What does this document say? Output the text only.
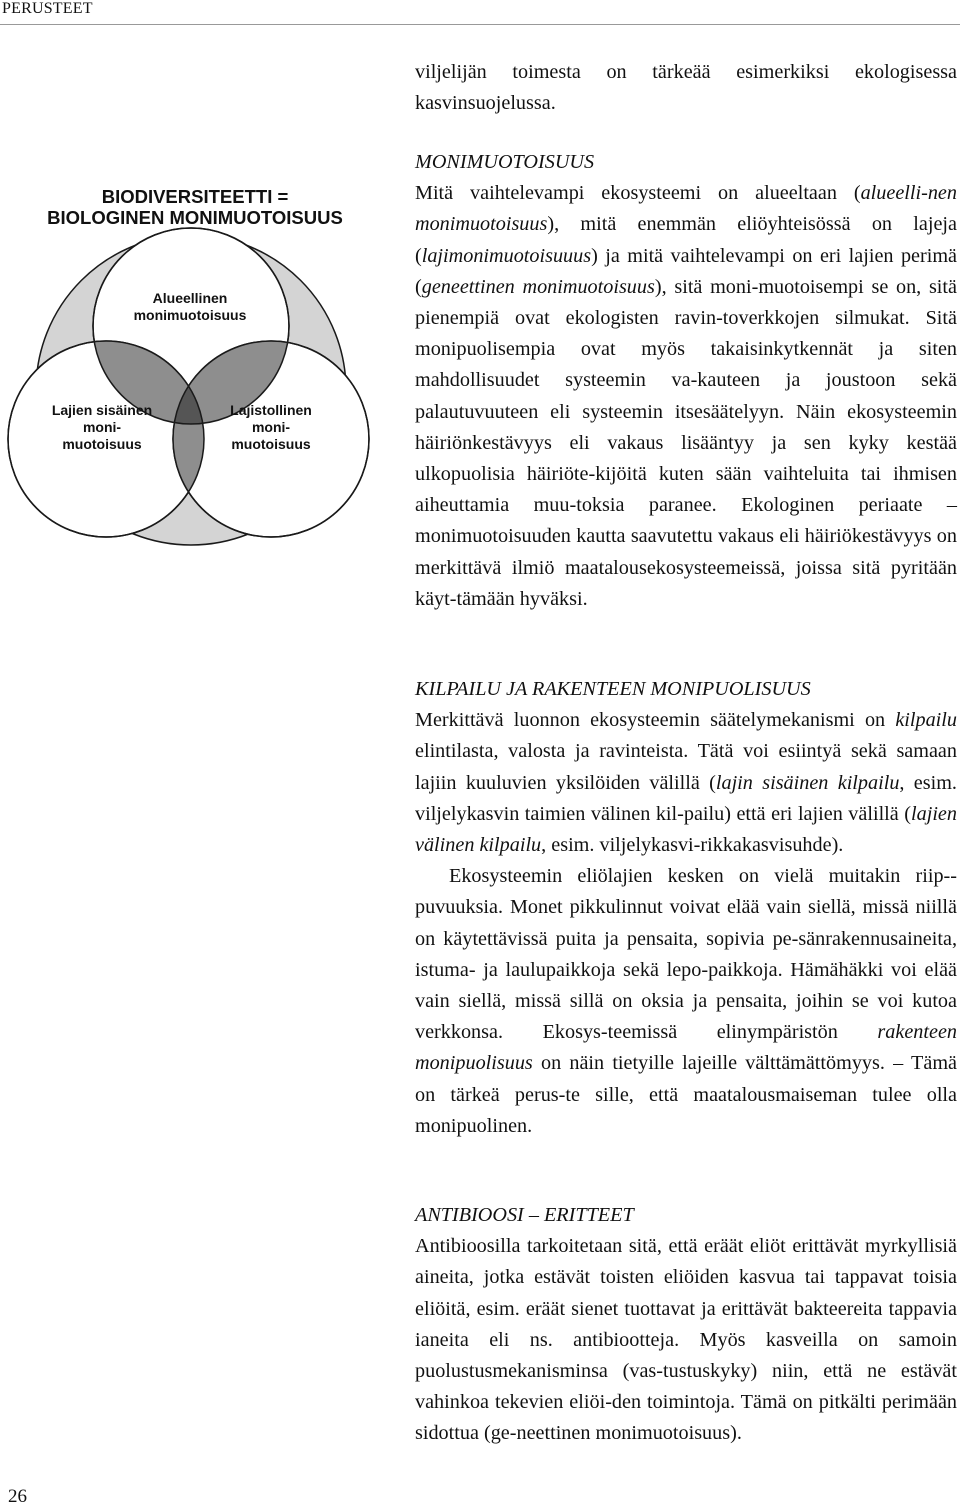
PERUSTEET
BIODIVERSITEETTI =
BIOLOGINEN MONIMUOTOISUUS
Alueellinen
monimuotoisuus
Lajien sisäinen
moni-
muotoisuus
Lajistollinen
moni-
muotoisuus

viljelijän toimesta on tärkeää esimerkiksi ekologisessa kasvinsuojelussa.

MONIMUOTOISUUS

Mitä vaihtelevampi ekosysteemi on alueeltaan (alueelli-nen monimuotoisuus), mitä enemmän eliöyhteisössä on lajeja (lajimonimuotoisuuus) ja mitä vaihtelevampi on eri lajien perimä (geneettinen monimuotoisuus), sitä moni-muotoisempi se on, sitä pienempiä ovat ekologisten ravin-toverkkojen silmukat. Sitä monipuolisempia ovat myös takaisinkytkennät ja siten mahdollisuudet systeemin va-kauteen ja joustoon sekä palautuvuuteen eli systeemin itsesäätelyyn. Näin ekosysteemin häiriönkestävyys eli vakaus lisääntyy ja sen kyky kestää ulkopuolisia häiriöte-kijöitä kuten sään vaihteluita tai ihmisen aiheuttamia muu-toksia paranee. Ekologinen periaate – monimuotoisuuden kautta saavutettu vakaus eli häiriökestävyys on merkittävä ilmiö maatalousekosysteemeissä, joissa sitä pyritään käyt-tämään hyväksi.

KILPAILU JA RAKENTEEN MONIPUOLISUUS

Merkittävä luonnon ekosysteemin säätelymekanismi on kilpailu elintilasta, valosta ja ravinteista. Tätä voi esiintyä sekä samaan lajiin kuuluvien yksilöiden välillä (lajin sisäinen kilpailu, esim. viljelykasvin taimien välinen kil-pailu) että eri lajien välillä (lajien välinen kilpailu, esim. viljelykasvi-rikkakasvisuhde).

Ekosysteemin eliölajien kesken on vielä muitakin riip-puvuuksia. Monet pikkulinnut voivat elää vain siellä, missä niillä on käytettävissä puita ja pensaita, sopivia pe-sänrakennusaineita, istuma- ja laulupaikkoja sekä lepo-paikkoja. Hämähäkki voi elää vain siellä, missä sillä on oksia ja pensaita, joihin se voi kutoa verkkonsa. Ekosys-teemissä elinympäristön rakenteen monipuolisuus on näin tietyille lajeille välttämättömyys. – Tämä on tärkeä perus-te sille, että maatalousmaiseman tulee olla monipuolinen.

ANTIBIOOSI – ERITTEET

Antibioosilla tarkoitetaan sitä, että eräät eliöt erittävät myrkyllisiä aineita, jotka estävät toisten eliöiden kasvua tai tappavat toisia eliöitä, esim. eräät sienet tuottavat ja erittävät bakteereita tappavia ianeita eli ns. antibiootteja. Myös kasveilla on samoin puolustusmekanisminsa (vas-tustuskyky) niin, että ne estävät vahinkoa tekevien eliöi-den toimintoja. Tämä on pitkälti perimään sidottua (ge-neettinen monimuotoisuus).

26
